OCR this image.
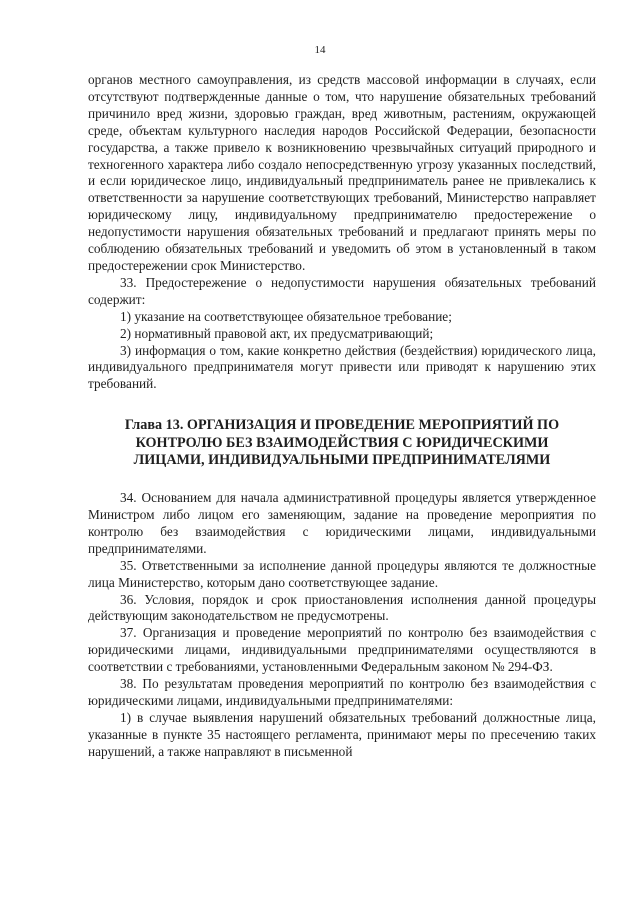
14

органов местного самоуправления, из средств массовой информации в случаях, если отсутствуют подтвержденные данные о том, что нарушение обязательных требований причинило вред жизни, здоровью граждан, вред животным, растениям, окружающей среде, объектам культурного наследия народов Российской Федерации, безопасности государства, а также привело к возникновению чрезвычайных ситуаций природного и техногенного характера либо создало непосредственную угрозу указанных последствий, и если юридическое лицо, индивидуальный предприниматель ранее не привлекались к ответственности за нарушение соответствующих требований, Министерство направляет юридическому лицу, индивидуальному предпринимателю предостережение о недопустимости нарушения обязательных требований и предлагают принять меры по соблюдению обязательных требований и уведомить об этом в установленный в таком предостережении срок Министерство.

33. Предостережение о недопустимости нарушения обязательных требований содержит:

1) указание на соответствующее обязательное требование;

2) нормативный правовой акт, их предусматривающий;

3) информация о том, какие конкретно действия (бездействия) юридического лица, индивидуального предпринимателя могут привести или приводят к нарушению этих требований.

Глава 13. ОРГАНИЗАЦИЯ И ПРОВЕДЕНИЕ МЕРОПРИЯТИЙ ПО КОНТРОЛЮ БЕЗ ВЗАИМОДЕЙСТВИЯ С ЮРИДИЧЕСКИМИ ЛИЦАМИ, ИНДИВИДУАЛЬНЫМИ ПРЕДПРИНИМАТЕЛЯМИ

34. Основанием для начала административной процедуры является утвержденное Министром либо лицом его заменяющим, задание на проведение мероприятия по контролю без взаимодействия с юридическими лицами, индивидуальными предпринимателями.

35. Ответственными за исполнение данной процедуры являются те должностные лица Министерство, которым дано соответствующее задание.

36. Условия, порядок и срок приостановления исполнения данной процедуры действующим законодательством не предусмотрены.

37. Организация и проведение мероприятий по контролю без взаимодействия с юридическими лицами, индивидуальными предпринимателями осуществляются в соответствии с требованиями, установленными Федеральным законом № 294-ФЗ.

38. По результатам проведения мероприятий по контролю без взаимодействия с юридическими лицами, индивидуальными предпринимателями:

1) в случае выявления нарушений обязательных требований должностные лица, указанные в пункте 35 настоящего регламента, принимают меры по пресечению таких нарушений, а также направляют в письменной
